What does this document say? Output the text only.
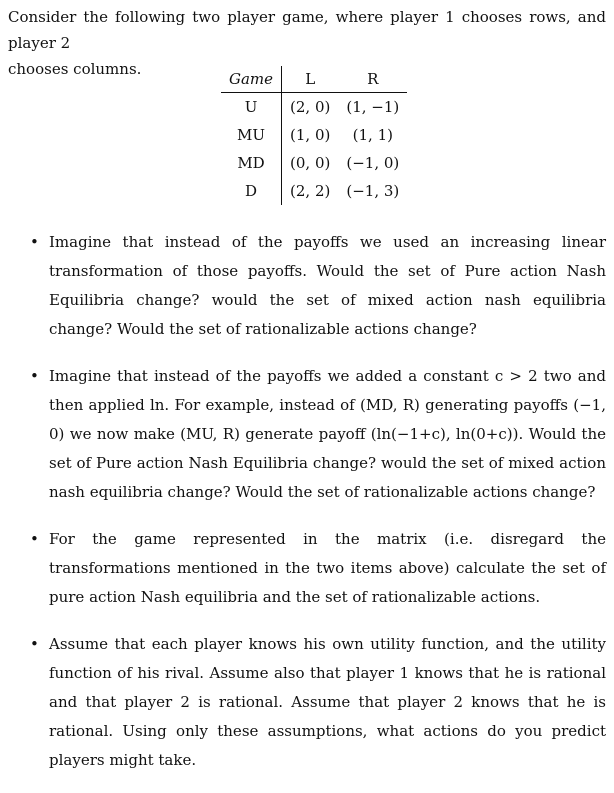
Consider the following two player game, where player 1 chooses rows, and player 2
chooses columns.
Game	L	R
U	(2, 0)	(1, −1)
MU	(1, 0)	(1, 1)
MD	(0, 0)	(−1, 0)
D	(2, 2)	(−1, 3)
• Imagine that instead of the payoffs we used an increasing linear transformation of those payoffs. Would the set of Pure action Nash Equilibria change? would the set of mixed action nash equilibria change? Would the set of rationalizable actions change?
• Imagine that instead of the payoffs we added a constant c > 2 two and then applied ln. For example, instead of (MD, R) generating payoffs (−1, 0) we now make (MU, R) generate payoff (ln(−1+c), ln(0+c)). Would the set of Pure action Nash Equilibria change? would the set of mixed action nash equilibria change? Would the set of rationalizable actions change?
• For the game represented in the matrix (i.e. disregard the transformations mentioned in the two items above) calculate the set of pure action Nash equilibria and the set of rationalizable actions.
• Assume that each player knows his own utility function, and the utility function of his rival. Assume also that player 1 knows that he is rational and that player 2 is rational. Assume that player 2 knows that he is rational. Using only these assumptions, what actions do you predict players might take.
